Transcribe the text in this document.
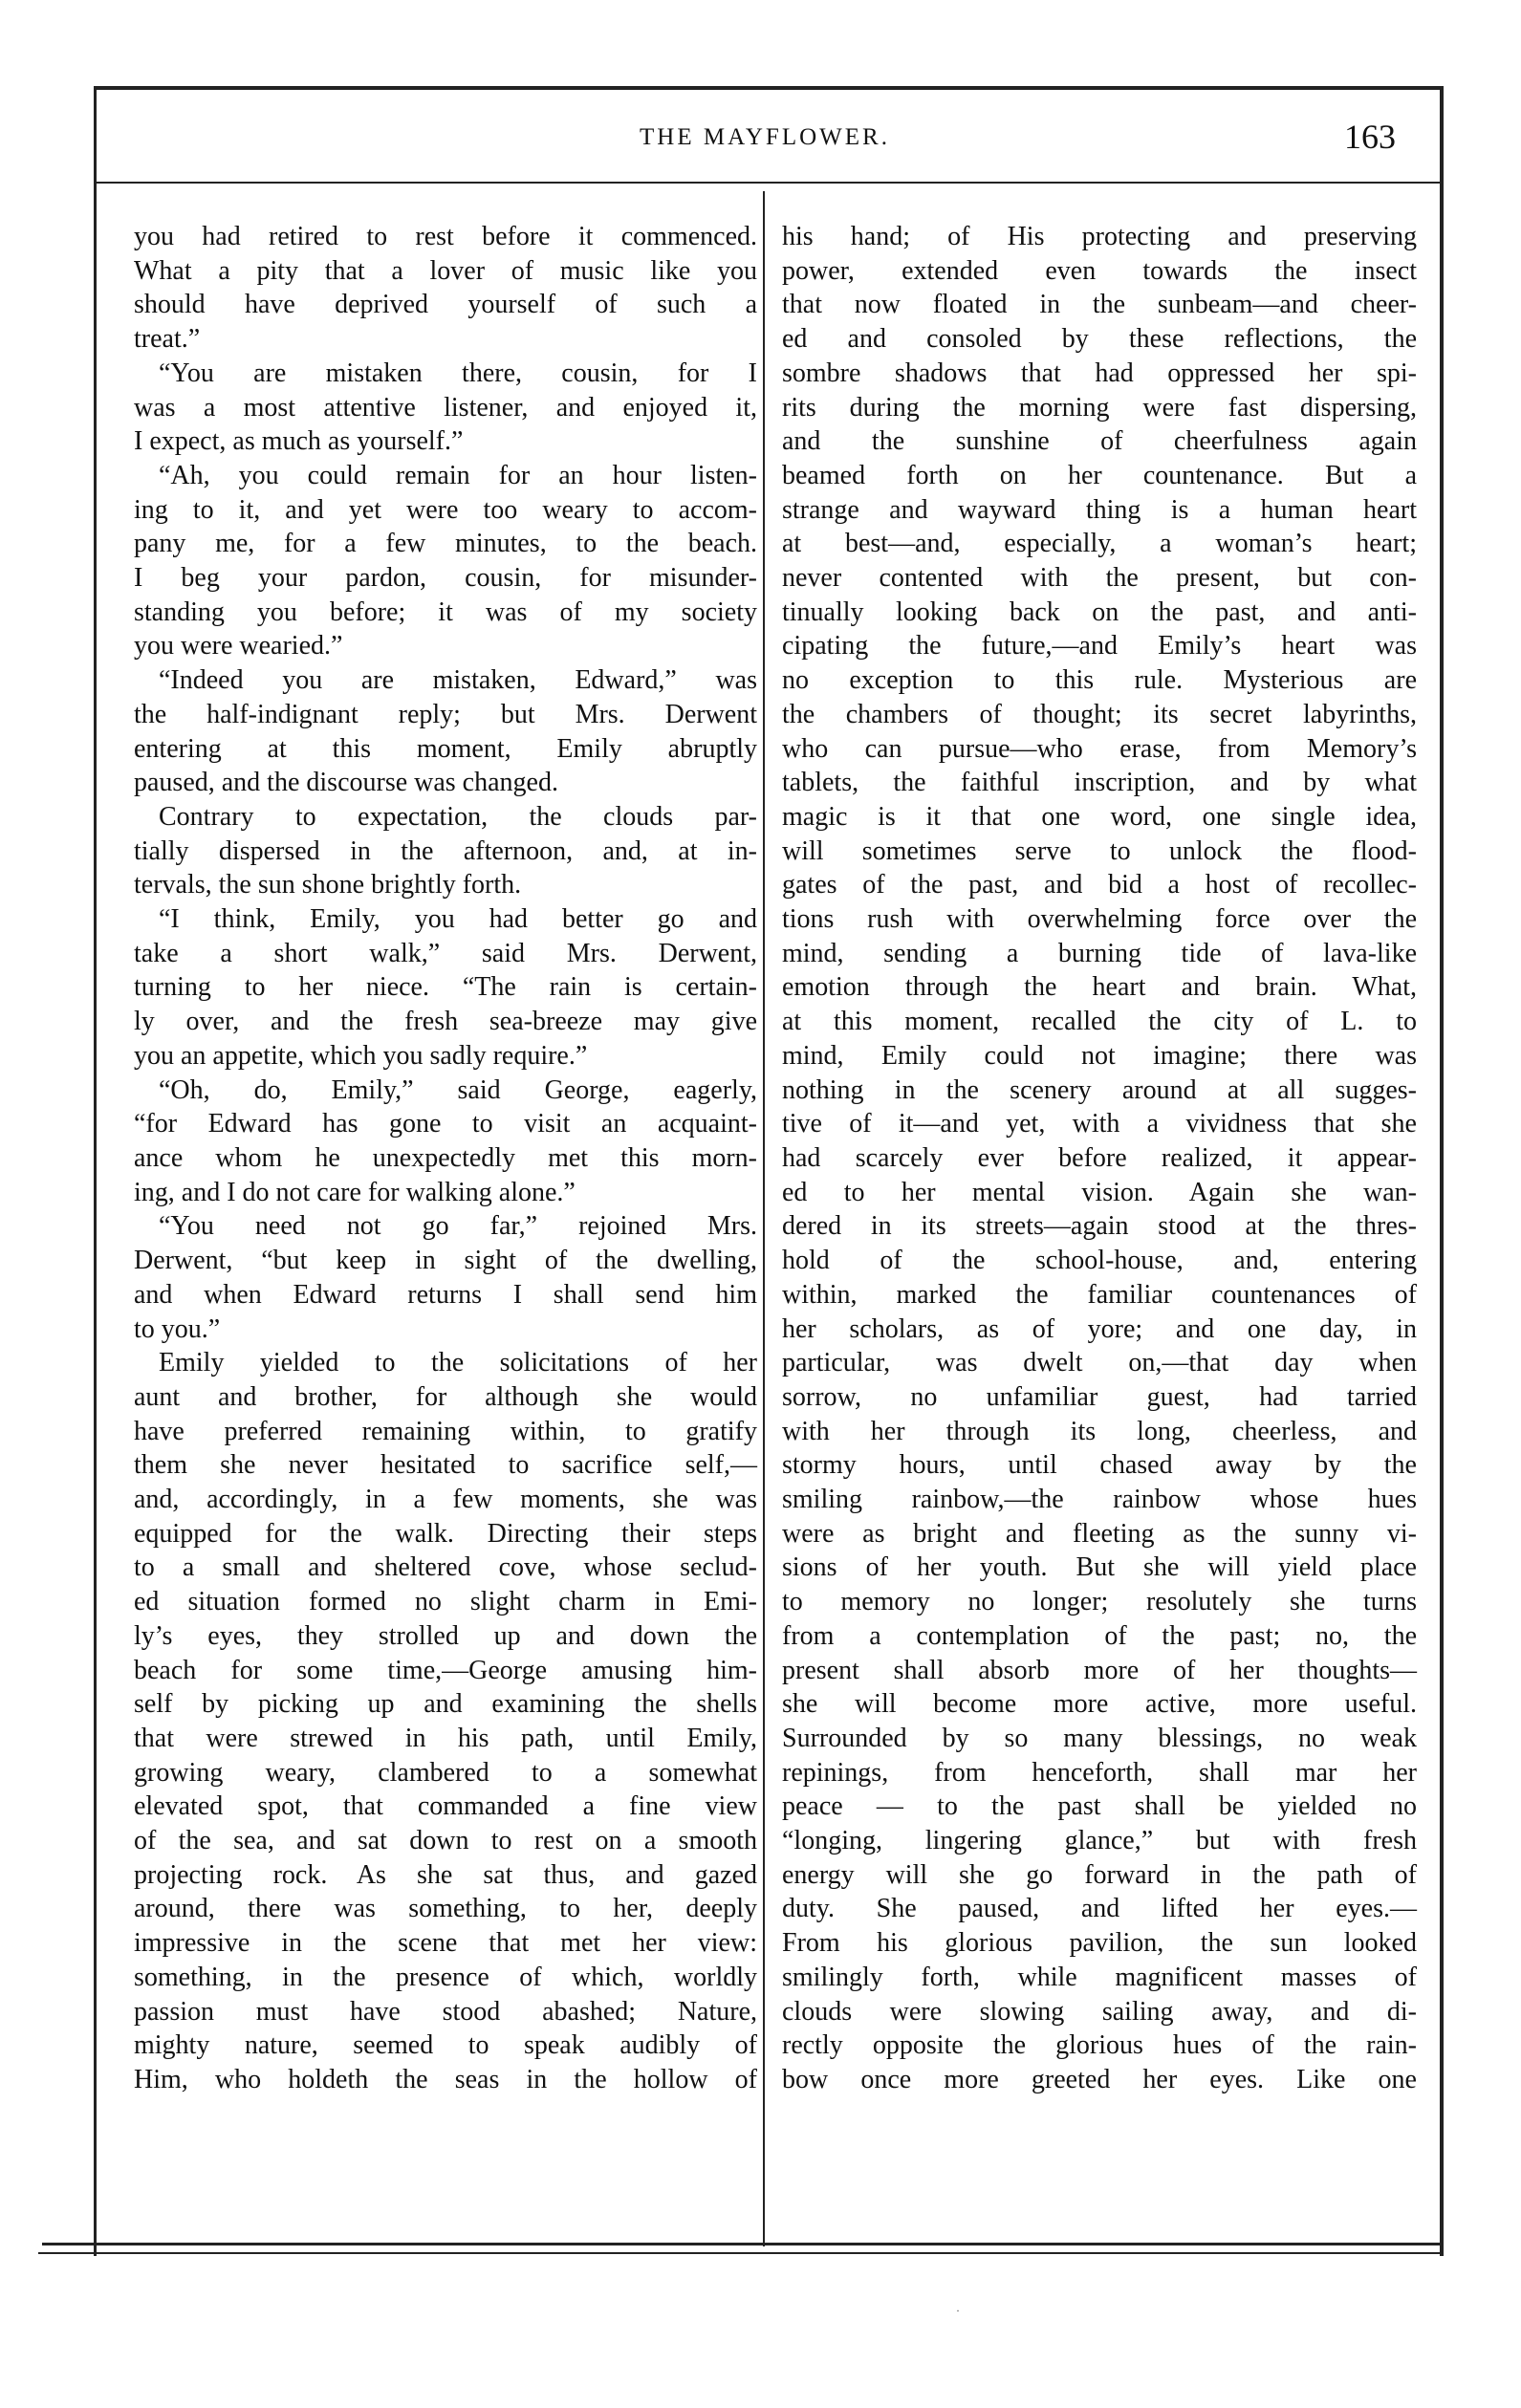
THE MAYFLOWER.	163
you had retired to rest before it commenced.
What a pity that a lover of music like you
should have deprived yourself of such a
treat.”
“You are mistaken there, cousin, for I
was a most attentive listener, and enjoyed it,
I expect, as much as yourself.”
“Ah, you could remain for an hour listen-
ing to it, and yet were too weary to accom-
pany me, for a few minutes, to the beach.
I beg your pardon, cousin, for misunder-
standing you before; it was of my society
you were wearied.”
“Indeed you are mistaken, Edward,” was
the half-indignant reply; but Mrs. Derwent
entering at this moment, Emily abruptly
paused, and the discourse was changed.
Contrary to expectation, the clouds par-
tially dispersed in the afternoon, and, at in-
tervals, the sun shone brightly forth.
“I think, Emily, you had better go and
take a short walk,” said Mrs. Derwent,
turning to her niece. “The rain is certain-
ly over, and the fresh sea-breeze may give
you an appetite, which you sadly require.”
“Oh, do, Emily,” said George, eagerly,
“for Edward has gone to visit an acquaint-
ance whom he unexpectedly met this morn-
ing, and I do not care for walking alone.”
“You need not go far,” rejoined Mrs.
Derwent, “but keep in sight of the dwelling,
and when Edward returns I shall send him
to you.”
Emily yielded to the solicitations of her
aunt and brother, for although she would
have preferred remaining within, to gratify
them she never hesitated to sacrifice self,—
and, accordingly, in a few moments, she was
equipped for the walk. Directing their steps
to a small and sheltered cove, whose seclud-
ed situation formed no slight charm in Emi-
ly’s eyes, they strolled up and down the
beach for some time,—George amusing him-
self by picking up and examining the shells
that were strewed in his path, until Emily,
growing weary, clambered to a somewhat
elevated spot, that commanded a fine view
of the sea, and sat down to rest on a smooth
projecting rock. As she sat thus, and gazed
around, there was something, to her, deeply
impressive in the scene that met her view:
something, in the presence of which, worldly
passion must have stood abashed; Nature,
mighty nature, seemed to speak audibly of
Him, who holdeth the seas in the hollow of
his hand; of His protecting and preserving
power, extended even towards the insect
that now floated in the sunbeam—and cheer-
ed and consoled by these reflections, the
sombre shadows that had oppressed her spi-
rits during the morning were fast dispersing,
and the sunshine of cheerfulness again
beamed forth on her countenance. But a
strange and wayward thing is a human heart
at best—and, especially, a woman’s heart;
never contented with the present, but con-
tinually looking back on the past, and anti-
cipating the future,—and Emily’s heart was
no exception to this rule. Mysterious are
the chambers of thought; its secret labyrinths,
who can pursue—who erase, from Memory’s
tablets, the faithful inscription, and by what
magic is it that one word, one single idea,
will sometimes serve to unlock the flood-
gates of the past, and bid a host of recollec-
tions rush with overwhelming force over the
mind, sending a burning tide of lava-like
emotion through the heart and brain. What,
at this moment, recalled the city of L. to
mind, Emily could not imagine; there was
nothing in the scenery around at all sugges-
tive of it—and yet, with a vividness that she
had scarcely ever before realized, it appear-
ed to her mental vision. Again she wan-
dered in its streets—again stood at the thres-
hold of the school-house, and, entering
within, marked the familiar countenances of
her scholars, as of yore; and one day, in
particular, was dwelt on,—that day when
sorrow, no unfamiliar guest, had tarried
with her through its long, cheerless, and
stormy hours, until chased away by the
smiling rainbow,—the rainbow whose hues
were as bright and fleeting as the sunny vi-
sions of her youth. But she will yield place
to memory no longer; resolutely she turns
from a contemplation of the past; no, the
present shall absorb more of her thoughts—
she will become more active, more useful.
Surrounded by so many blessings, no weak
repinings, from henceforth, shall mar her
peace — to the past shall be yielded no
“longing, lingering glance,” but with fresh
energy will she go forward in the path of
duty. She paused, and lifted her eyes.—
From his glorious pavilion, the sun looked
smilingly forth, while magnificent masses of
clouds were slowing sailing away, and di-
rectly opposite the glorious hues of the rain-
bow once more greeted her eyes. Like one
·
